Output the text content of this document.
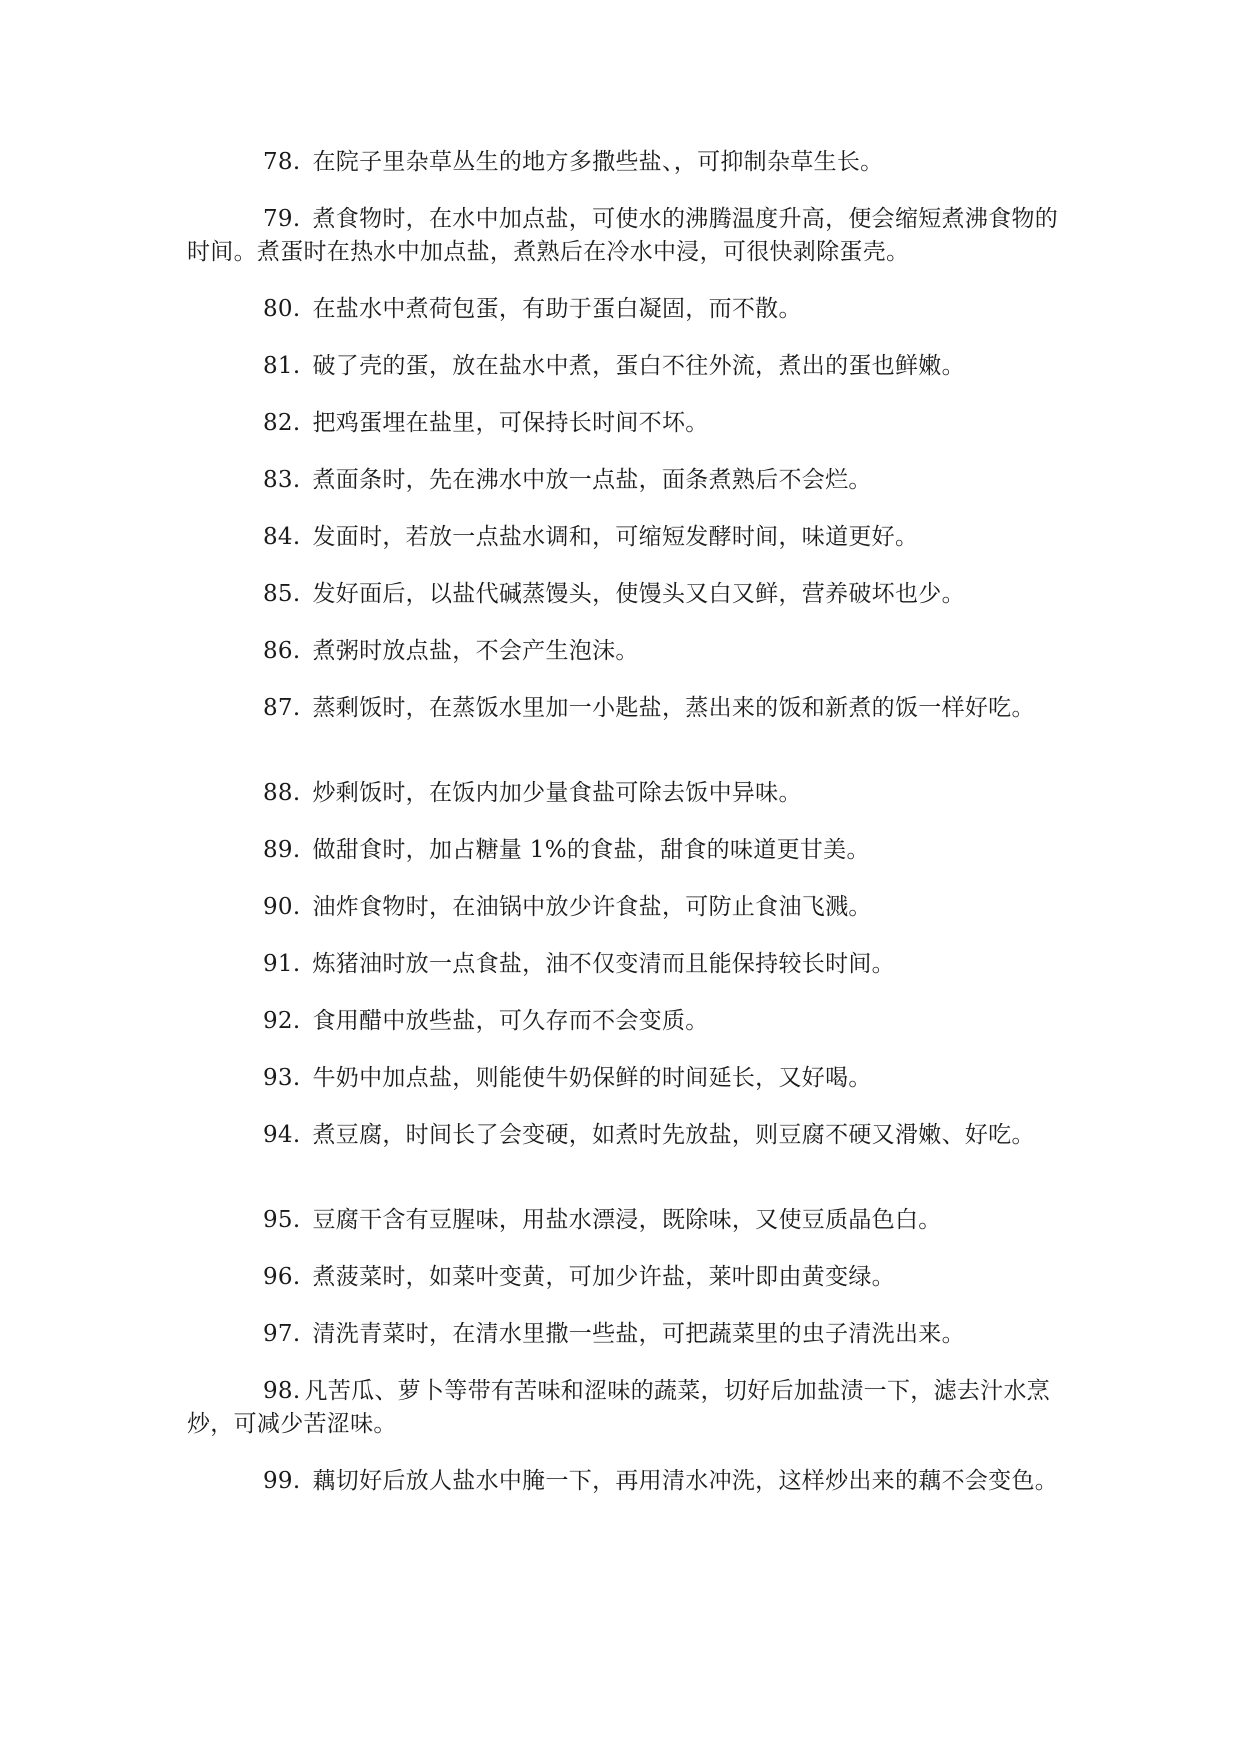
78. 在院子里杂草丛生的地方多撒些盐、，可抑制杂草生长。

79. 煮食物时，在水中加点盐，可使水的沸腾温度升高，便会缩短煮沸食物的时间。煮蛋时在热水中加点盐，煮熟后在冷水中浸，可很快剥除蛋壳。

80. 在盐水中煮荷包蛋，有助于蛋白凝固，而不散。

81. 破了壳的蛋，放在盐水中煮，蛋白不往外流，煮出的蛋也鲜嫩。

82. 把鸡蛋埋在盐里，可保持长时间不坏。

83. 煮面条时，先在沸水中放一点盐，面条煮熟后不会烂。

84. 发面时，若放一点盐水调和，可缩短发酵时间，味道更好。

85. 发好面后，以盐代碱蒸馒头，使馒头又白又鲜，营养破坏也少。

86. 煮粥时放点盐，不会产生泡沫。

87. 蒸剩饭时，在蒸饭水里加一小匙盐，蒸出来的饭和新煮的饭一样好吃。

88. 炒剩饭时，在饭内加少量食盐可除去饭中异味。

89. 做甜食时，加占糖量 1%的食盐，甜食的味道更甘美。

90. 油炸食物时，在油锅中放少许食盐，可防止食油飞溅。

91. 炼猪油时放一点食盐，油不仅变清而且能保持较长时间。

92. 食用醋中放些盐，可久存而不会变质。

93. 牛奶中加点盐，则能使牛奶保鲜的时间延长，又好喝。

94. 煮豆腐，时间长了会变硬，如煮时先放盐，则豆腐不硬又滑嫩、好吃。

95. 豆腐干含有豆腥味，用盐水漂浸，既除味，又使豆质晶色白。

96. 煮菠菜时，如菜叶变黄，可加少许盐，莱叶即由黄变绿。

97. 清洗青菜时，在清水里撒一些盐，可把蔬菜里的虫子清洗出来。

98. 凡苦瓜、萝卜等带有苦味和涩味的蔬菜，切好后加盐渍一下，滤去汁水烹炒，可减少苦涩味。

99. 藕切好后放人盐水中腌一下，再用清水冲洗，这样炒出来的藕不会变色。
